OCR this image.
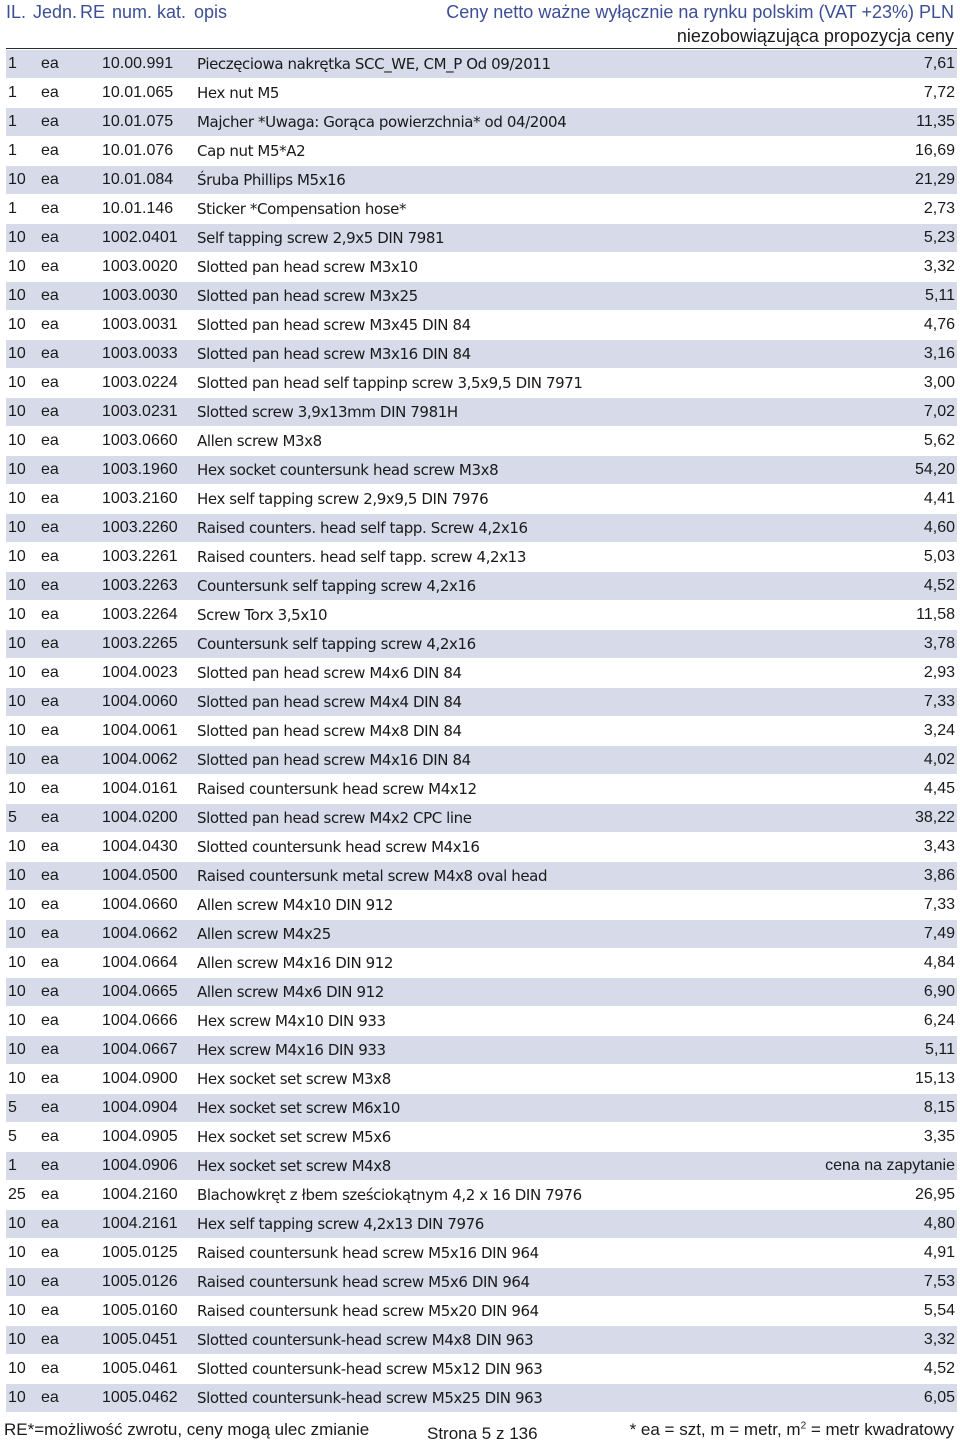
IL. Jedn. RE num. kat. opis	Ceny netto ważne wyłącznie na rynku polskim (VAT +23%) PLN
niezobowiązująca propozycja ceny
1 ea	10.00.991 Pieczęciowa nakrętka SCC_WE, CM_P Od 09/2011	7,61
1 ea	10.01.065 Hex nut M5	7,72
1 ea	10.01.075 Majcher *Uwaga: Gorąca powierzchnia* od 04/2004	11,35
1 ea	10.01.076 Cap nut M5*A2	16,69
10 ea	10.01.084 Śruba Phillips M5x16	21,29
1 ea	10.01.146 Sticker *Compensation hose*	2,73
10 ea	1002.0401 Self tapping screw 2,9x5 DIN 7981	5,23
10 ea	1003.0020 Slotted pan head screw M3x10	3,32
10 ea	1003.0030 Slotted pan head screw M3x25	5,11
10 ea	1003.0031 Slotted pan head screw M3x45 DIN 84	4,76
10 ea	1003.0033 Slotted pan head screw M3x16 DIN 84	3,16
10 ea	1003.0224 Slotted pan head self tappinp screw 3,5x9,5 DIN 7971	3,00
10 ea	1003.0231 Slotted screw 3,9x13mm DIN 7981H	7,02
10 ea	1003.0660 Allen screw M3x8	5,62
10 ea	1003.1960 Hex socket countersunk head screw M3x8	54,20
10 ea	1003.2160 Hex self tapping screw 2,9x9,5 DIN 7976	4,41
10 ea	1003.2260 Raised counters. head self tapp. Screw 4,2x16	4,60
10 ea	1003.2261 Raised counters. head self tapp. screw 4,2x13	5,03
10 ea	1003.2263 Countersunk self tapping screw 4,2x16	4,52
10 ea	1003.2264 Screw Torx 3,5x10	11,58
10 ea	1003.2265 Countersunk self tapping screw 4,2x16	3,78
10 ea	1004.0023 Slotted pan head screw M4x6 DIN 84	2,93
10 ea	1004.0060 Slotted pan head screw M4x4 DIN 84	7,33
10 ea	1004.0061 Slotted pan head screw M4x8 DIN 84	3,24
10 ea	1004.0062 Slotted pan head screw M4x16 DIN 84	4,02
10 ea	1004.0161 Raised countersunk head screw M4x12	4,45
5 ea	1004.0200 Slotted pan head screw M4x2 CPC line	38,22
10 ea	1004.0430 Slotted countersunk head screw M4x16	3,43
10 ea	1004.0500 Raised countersunk metal screw M4x8 oval head	3,86
10 ea	1004.0660 Allen screw M4x10 DIN 912	7,33
10 ea	1004.0662 Allen screw M4x25	7,49
10 ea	1004.0664 Allen screw M4x16 DIN 912	4,84
10 ea	1004.0665 Allen screw M4x6 DIN 912	6,90
10 ea	1004.0666 Hex screw M4x10 DIN 933	6,24
10 ea	1004.0667 Hex screw M4x16 DIN 933	5,11
10 ea	1004.0900 Hex socket set screw M3x8	15,13
5 ea	1004.0904 Hex socket set screw M6x10	8,15
5 ea	1004.0905 Hex socket set screw M5x6	3,35
1 ea	1004.0906 Hex socket set screw M4x8	cena na zapytanie
25 ea	1004.2160 Blachowkręt z łbem sześciokątnym 4,2 x 16 DIN 7976	26,95
10 ea	1004.2161 Hex self tapping screw 4,2x13 DIN 7976	4,80
10 ea	1005.0125 Raised countersunk head screw M5x16 DIN 964	4,91
10 ea	1005.0126 Raised countersunk head screw M5x6 DIN 964	7,53
10 ea	1005.0160 Raised countersunk head screw M5x20 DIN 964	5,54
10 ea	1005.0451 Slotted countersunk-head screw M4x8 DIN 963	3,32
10 ea	1005.0461 Slotted countersunk-head screw M5x12 DIN 963	4,52
10 ea	1005.0462 Slotted countersunk-head screw M5x25 DIN 963	6,05
RE*=możliwość zwrotu, ceny mogą ulec zmianie	Strona 5 z 136	* ea = szt, m = metr, $m^2$ = metr kwadratowy
